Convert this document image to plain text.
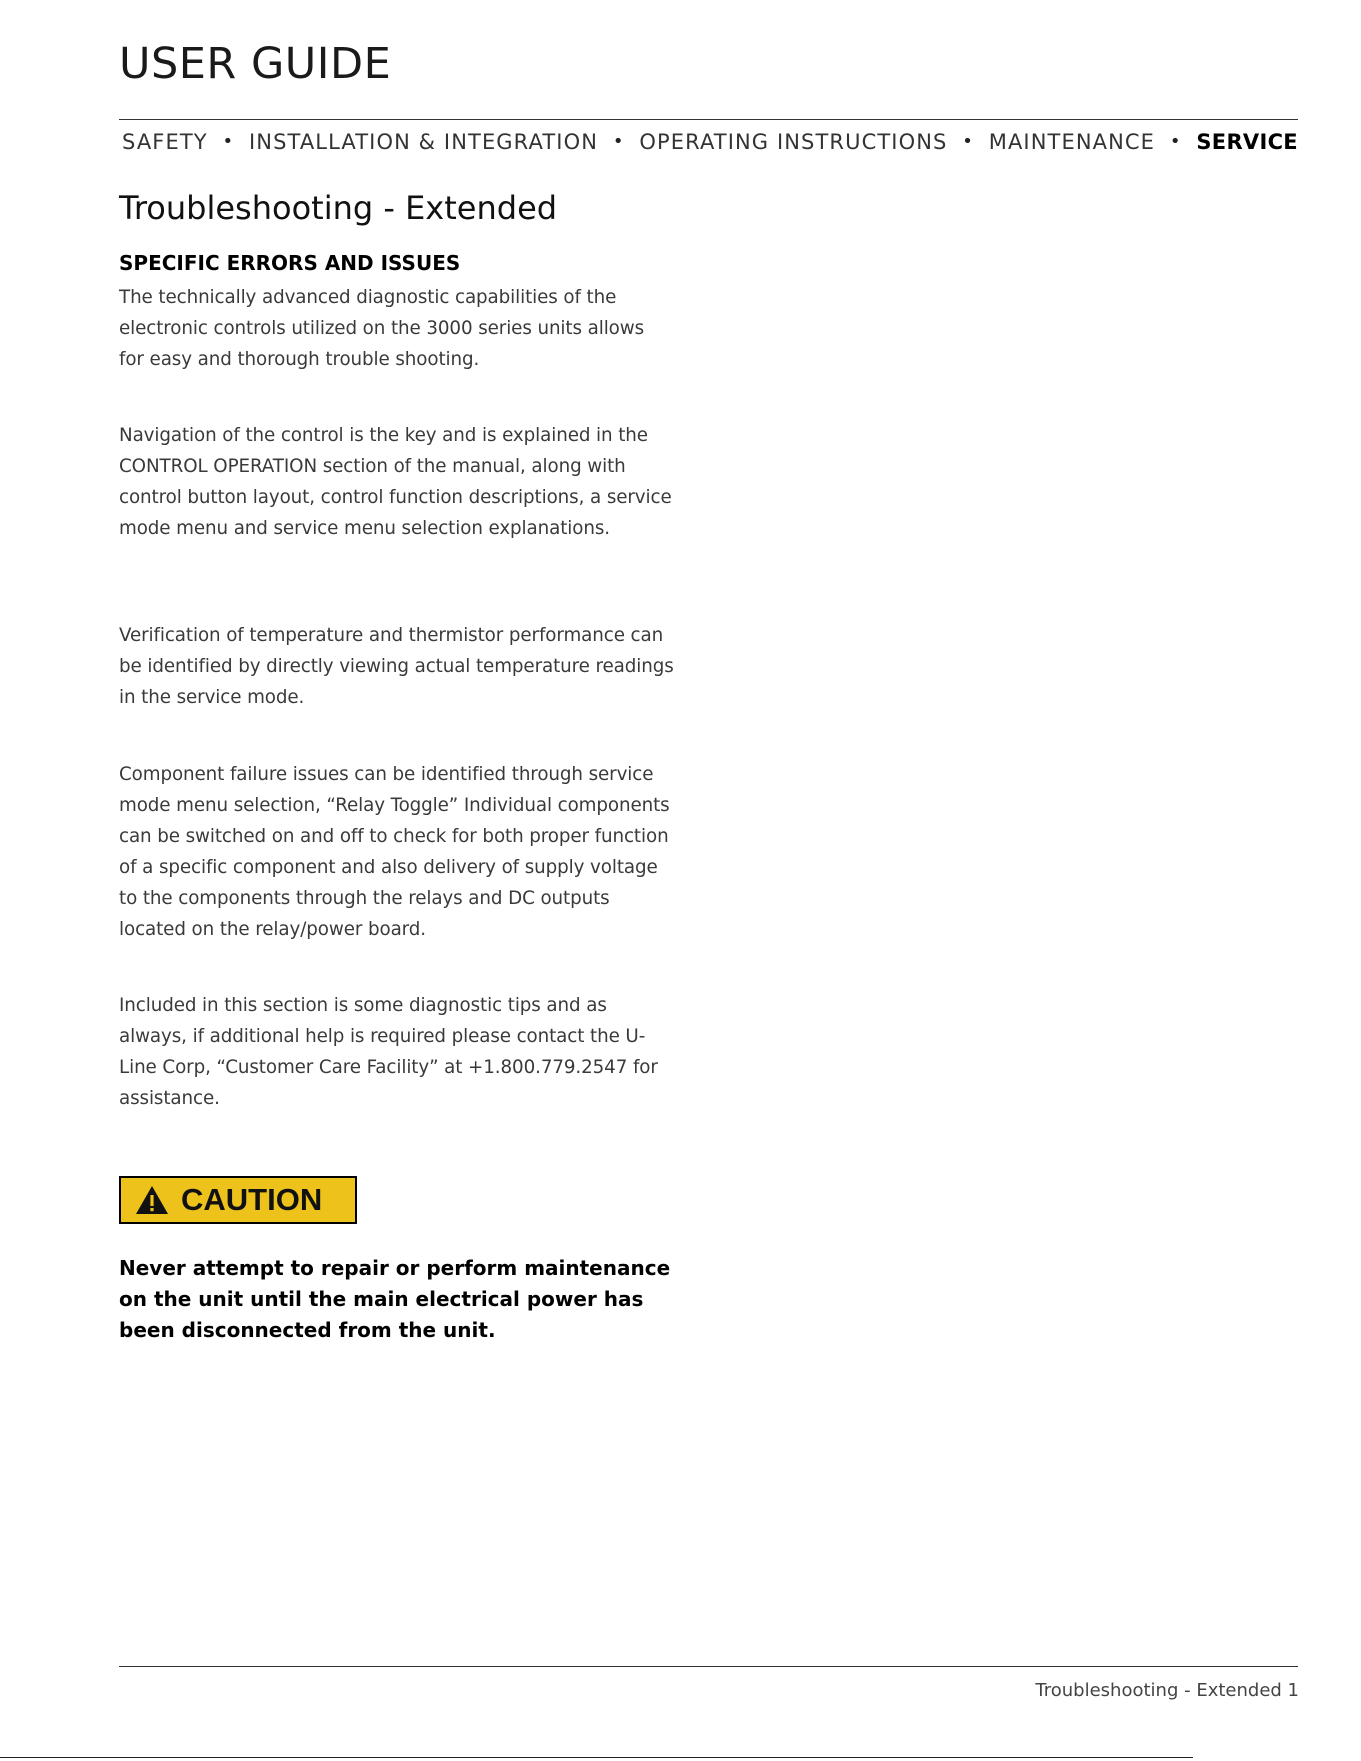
USER GUIDE
SAFETY • INSTALLATION & INTEGRATION • OPERATING INSTRUCTIONS • MAINTENANCE • SERVICE
Troubleshooting - Extended
SPECIFIC ERRORS AND ISSUES

The technically advanced diagnostic capabilities of the electronic controls utilized on the 3000 series units allows for easy and thorough trouble shooting.

Navigation of the control is the key and is explained in the CONTROL OPERATION section of the manual, along with control button layout, control function descriptions, a service mode menu and service menu selection explanations.

Verification of temperature and thermistor performance can be identified by directly viewing actual temperature readings in the service mode.

Component failure issues can be identified through service mode menu selection, “Relay Toggle” Individual components can be switched on and off to check for both proper function of a specific component and also delivery of supply voltage to the components through the relays and DC outputs located on the relay/power board.

Included in this section is some diagnostic tips and as always, if additional help is required please contact the U-Line Corp, “Customer Care Facility” at +1.800.779.2547 for assistance.

CAUTION

Never attempt to repair or perform maintenance on the unit until the main electrical power has been disconnected from the unit.

Troubleshooting - Extended 1
